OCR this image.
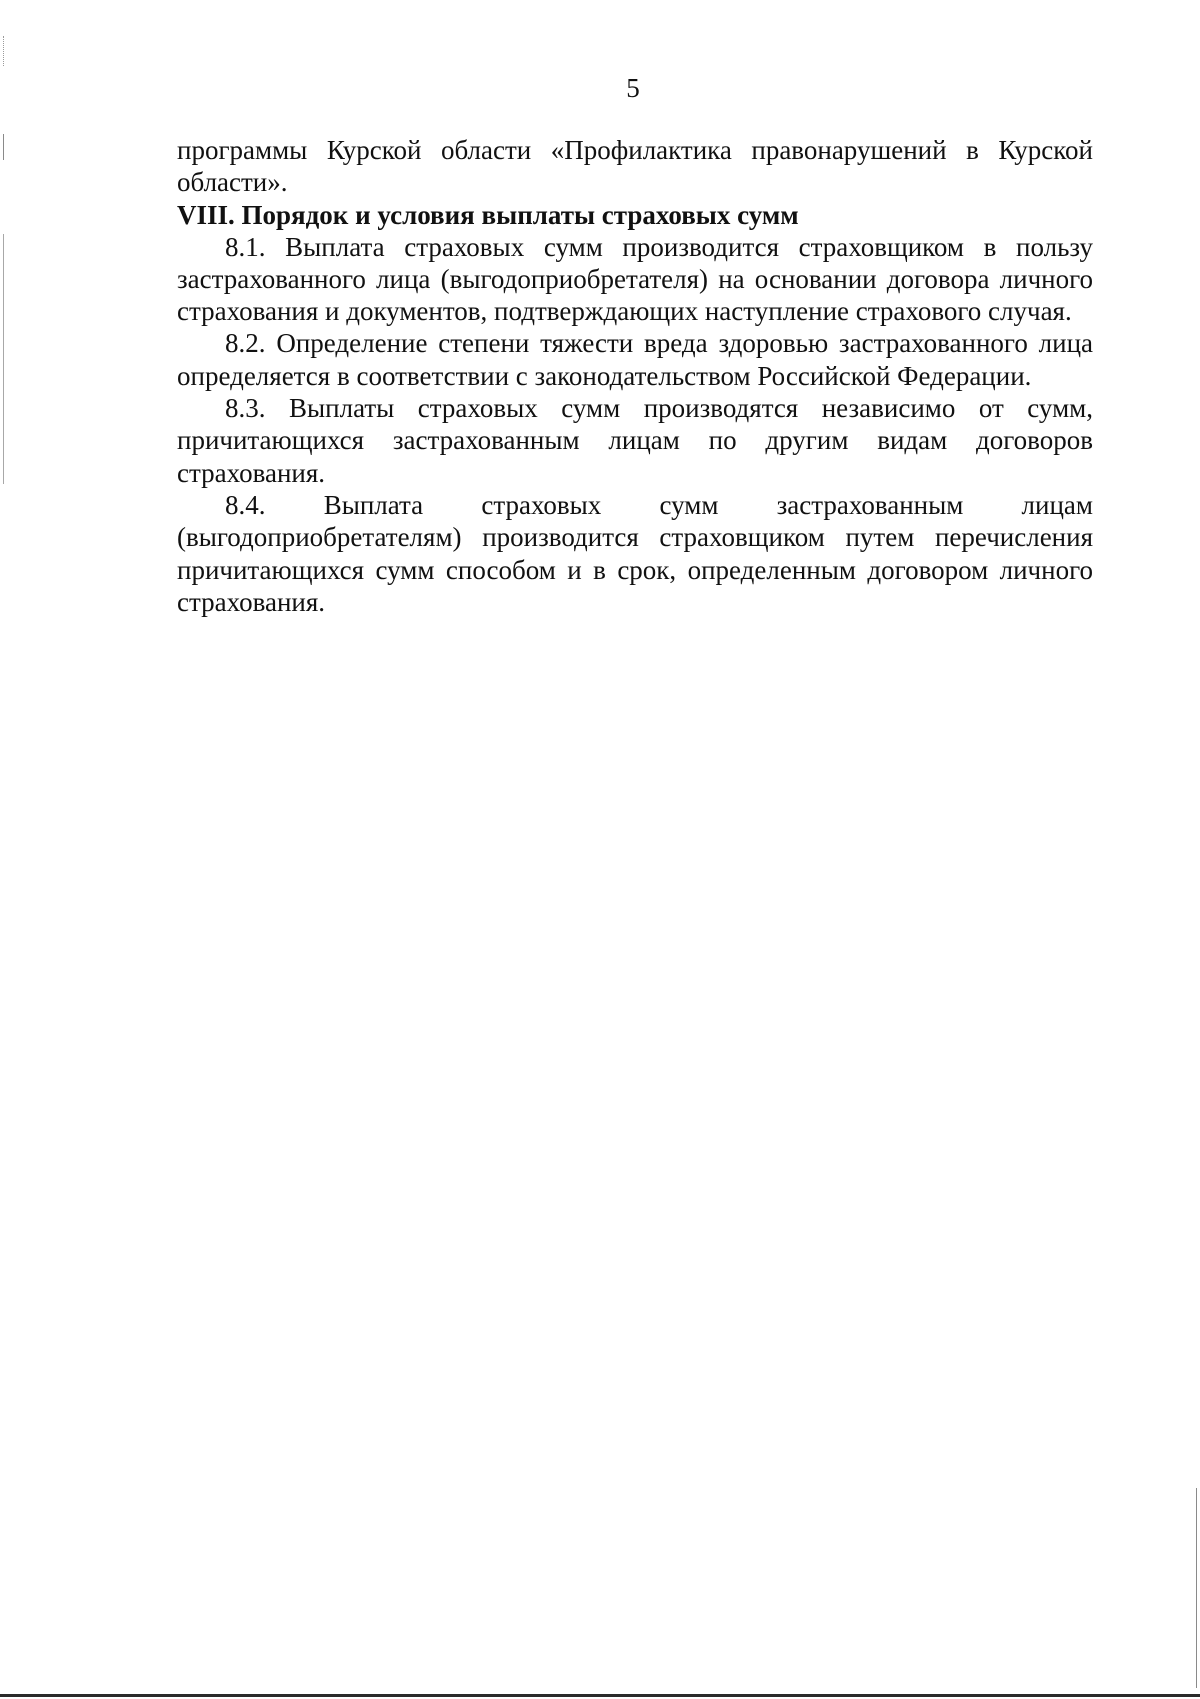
5

программы Курской области «Профилактика правонарушений в Курской области».

VIII. Порядок и условия выплаты страховых сумм

8.1. Выплата страховых сумм производится страховщиком в пользу застрахованного лица (выгодоприобретателя) на основании договора личного страхования и документов, подтверждающих наступление страхового случая.

8.2. Определение степени тяжести вреда здоровью застрахованного лица определяется в соответствии с законодательством Российской Федерации.

8.3. Выплаты страховых сумм производятся независимо от сумм, причитающихся застрахованным лицам по другим видам договоров страхования.

8.4. Выплата страховых сумм застрахованным лицам (выгодоприобретателям) производится страховщиком путем перечисления причитающихся сумм способом и в срок, определенным договором личного страхования.
